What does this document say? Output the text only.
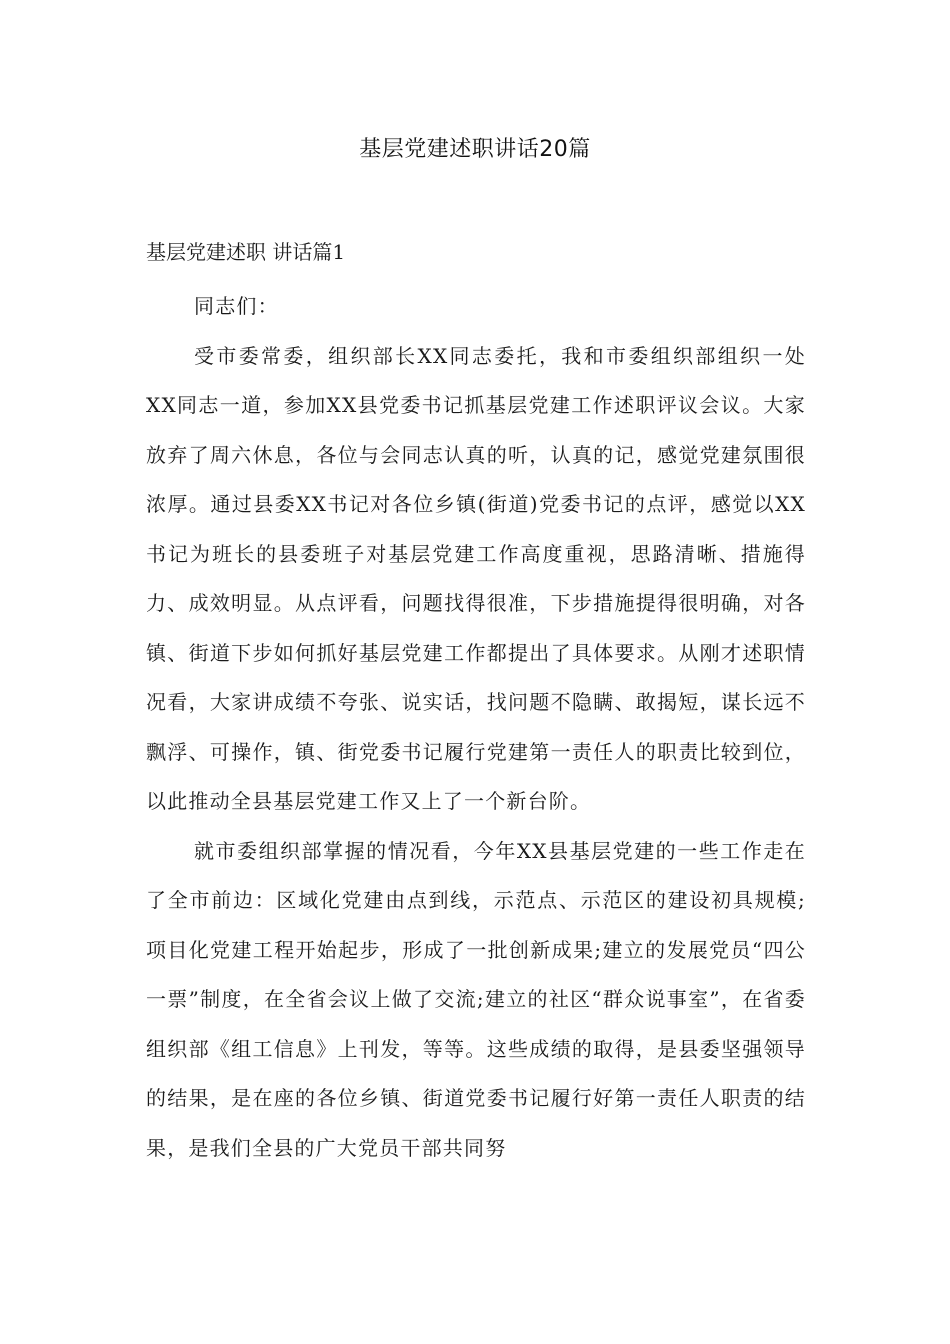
基层党建述职讲话20篇
基层党建述职 讲话篇1

同志们：

受市委常委，组织部长XX同志委托，我和市委组织部组织一处XX同志一道，参加XX县党委书记抓基层党建工作述职评议会议。大家放弃了周六休息，各位与会同志认真的听，认真的记，感觉党建氛围很浓厚。通过县委XX书记对各位乡镇(街道)党委书记的点评，感觉以XX书记为班长的县委班子对基层党建工作高度重视，思路清晰、措施得力、成效明显。从点评看，问题找得很准，下步措施提得很明确，对各镇、街道下步如何抓好基层党建工作都提出了具体要求。从刚才述职情况看，大家讲成绩不夸张、说实话，找问题不隐瞒、敢揭短，谋长远不飘浮、可操作，镇、街党委书记履行党建第一责任人的职责比较到位，以此推动全县基层党建工作又上了一个新台阶。

就市委组织部掌握的情况看，今年XX县基层党建的一些工作走在了全市前边：区域化党建由点到线，示范点、示范区的建设初具规模;项目化党建工程开始起步，形成了一批创新成果;建立的发展党员“四公一票”制度，在全省会议上做了交流;建立的社区“群众说事室”，在省委组织部《组工信息》上刊发，等等。这些成绩的取得，是县委坚强领导的结果，是在座的各位乡镇、街道党委书记履行好第一责任人职责的结果，是我们全县的广大党员干部共同努
